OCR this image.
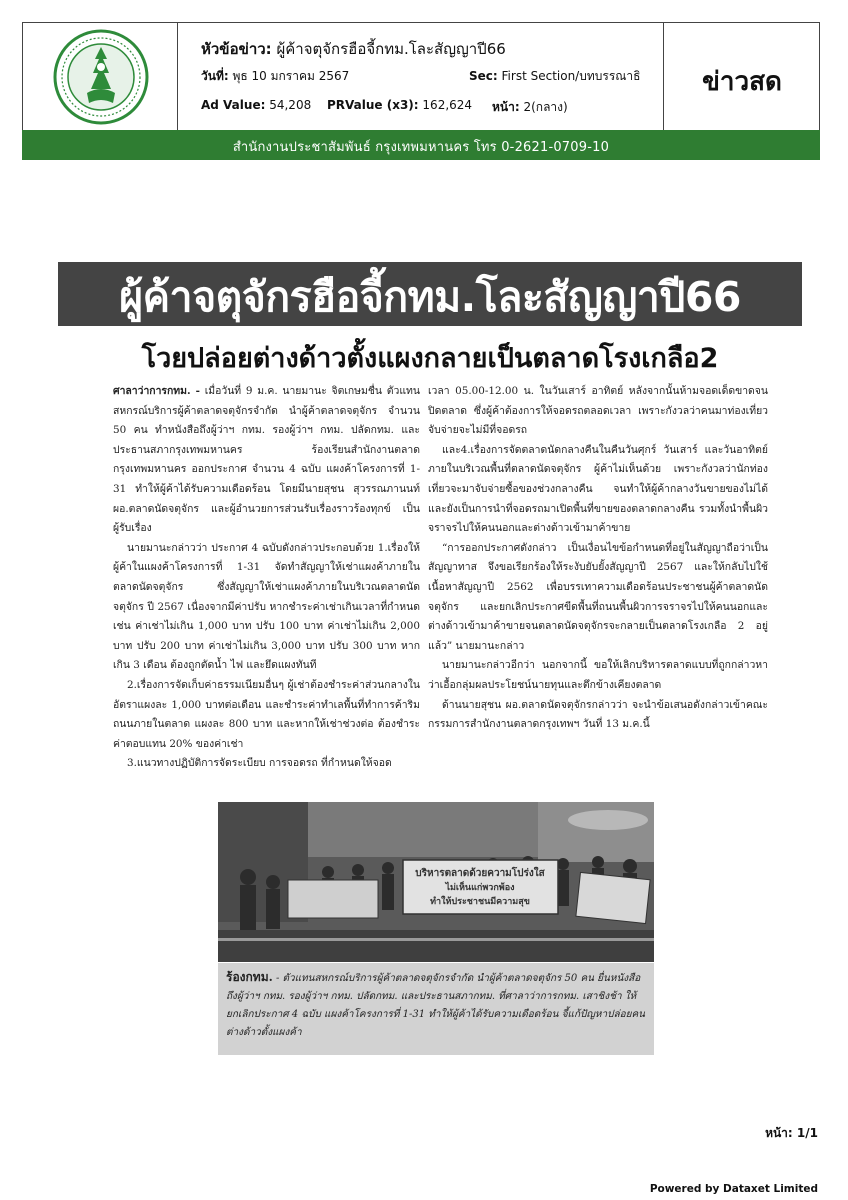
หัวข้อข่าว: ผู้ค้าจตุจักรฮือจี้กทม.โละสัญญาปี66
วันที่: พุธ 10 มกราคม 2567	Sec: First Section/บทบรรณาธิ
Ad Value: 54,208 PRValue (x3): 162,624 หน้า: 2(กลาง)
ข่าวสด
สำนักงานประชาสัมพันธ์ กรุงเทพมหานคร โทร 0-2621-0709-10
ผู้ค้าจตุจักรฮือจี้กทม.โละสัญญาปี66
โวยปล่อยต่างด้าวตั้งแผงกลายเป็นตลาดโรงเกลือ2

ศาลาว่าการกทม. - เมื่อวันที่ 9 ม.ค. นายมานะ จิตเกษมชื่น ตัวแทนสหกรณ์บริการผู้ค้าตลาดจตุจักรจำกัด นำผู้ค้าตลาดจตุจักร จำนวน 50 คน ทำหนังสือถึงผู้ว่าฯ กทม. รองผู้ว่าฯ กทม. ปลัดกทม. และประธานสภากรุงเทพมหานคร ร้องเรียนสำนักงานตลาดกรุงเทพมหานคร ออกประกาศ จำนวน 4 ฉบับ แผงค้าโครงการที่ 1-31 ทำให้ผู้ค้าได้รับความเดือดร้อน โดยมีนายสุชน สุวรรณภานนท์ ผอ.ตลาดนัดจตุจักร และผู้อำนวยการส่วนรับเรื่องราวร้องทุกข์ เป็นผู้รับเรื่อง

นายมานะกล่าวว่า ประกาศ 4 ฉบับดังกล่าวประกอบด้วย 1.เรื่องให้ผู้ค้าในแผงค้าโครงการที่ 1-31 จัดทำสัญญาให้เช่าแผงค้าภายในตลาดนัดจตุจักร ซึ่งสัญญาให้เช่าแผงค้าภายในบริเวณตลาดนัดจตุจักร ปี 2567 เนื่องจากมีค่าปรับ หากชำระค่าเช่าเกินเวลาที่กำหนด เช่น ค่าเช่าไม่เกิน 1,000 บาท ปรับ 100 บาท ค่าเช่าไม่เกิน 2,000 บาท ปรับ 200 บาท ค่าเช่าไม่เกิน 3,000 บาท ปรับ 300 บาท หากเกิน 3 เดือน ต้องถูกตัดน้ำ ไฟ และยึดแผงทันที

2.เรื่องการจัดเก็บค่าธรรมเนียมอื่นๆ ผู้เช่าต้องชำระค่าส่วนกลางในอัตราแผงละ 1,000 บาทต่อเดือน และชำระค่าทำเลพื้นที่ทำการค้าริมถนนภายในตลาด แผงละ 800 บาท และหากให้เช่าช่วงต่อ ต้องชำระค่าตอบแทน 20% ของค่าเช่า

3.แนวทางปฏิบัติการจัดระเบียบ การจอดรถ ที่กำหนดให้จอด

เวลา 05.00-12.00 น. ในวันเสาร์ อาทิตย์ หลังจากนั้นห้ามจอดเด็ดขาดจนปิดตลาด ซึ่งผู้ค้าต้องการให้จอดรถตลอดเวลา เพราะกังวลว่าคนมาท่องเที่ยวจับจ่ายจะไม่มีที่จอดรถ

และ4.เรื่องการจัดตลาดนัดกลางคืนในคืนวันศุกร์ วันเสาร์ และวันอาทิตย์ ภายในบริเวณพื้นที่ตลาดนัดจตุจักร ผู้ค้าไม่เห็นด้วย เพราะกังวลว่านักท่องเที่ยวจะมาจับจ่ายซื้อของช่วงกลางคืน จนทำให้ผู้ค้ากลางวันขายของไม่ได้และยังเป็นการนำที่จอดรถมาเปิดพื้นที่ขายของตลาดกลางคืน รวมทั้งนำพื้นผิวจราจรไปให้คนนอกและต่างด้าวเข้ามาค้าขาย

“การออกประกาศดังกล่าว เป็นเงื่อนไขข้อกำหนดที่อยู่ในสัญญาถือว่าเป็นสัญญาทาส จึงขอเรียกร้องให้ระงับยับยั้งสัญญาปี 2567 และให้กลับไปใช้เนื้อหาสัญญาปี 2562 เพื่อบรรเทาความเดือดร้อนประชาชนผู้ค้าตลาดนัดจตุจักร และยกเลิกประกาศขีดพื้นที่ถนนพื้นผิวการจราจรไปให้คนนอกและต่างด้าวเข้ามาค้าขายจนตลาดนัดจตุจักรจะกลายเป็นตลาดโรงเกลือ 2 อยู่แล้ว” นายมานะกล่าว

นายมานะกล่าวอีกว่า นอกจากนี้ ขอให้เลิกบริหารตลาดแบบที่ถูกกล่าวหาว่าเอื้อกลุ่มผลประโยชน์นายทุนและตึกข้างเคียงตลาด

ด้านนายสุชน ผอ.ตลาดนัดจตุจักรกล่าวว่า จะนำข้อเสนอดังกล่าวเข้าคณะกรรมการสำนักงานตลาดกรุงเทพฯ วันที่ 13 ม.ค.นี้

บริหารตลาดด้วยความโปร่งใส
ไม่เห็นแก่พวกพ้อง
ทำให้ประชาชนมีความสุข
ร้องกทม. - ตัวแทนสหกรณ์บริการผู้ค้าตลาดจตุจักรจำกัด นำผู้ค้าตลาดจตุจักร 50 คน ยื่นหนังสือถึงผู้ว่าฯ กทม. รองผู้ว่าฯ กทม. ปลัดกทม. และประธานสภากทม. ที่ศาลาว่าการกทม. เสาชิงช้า ให้ยกเลิกประกาศ 4 ฉบับ แผงค้าโครงการที่ 1-31 ทำให้ผู้ค้าได้รับความเดือดร้อน จี้แก้ปัญหาปล่อยคนต่างด้าวตั้งแผงค้า
หน้า: 1/1
Powered by Dataxet Limited
